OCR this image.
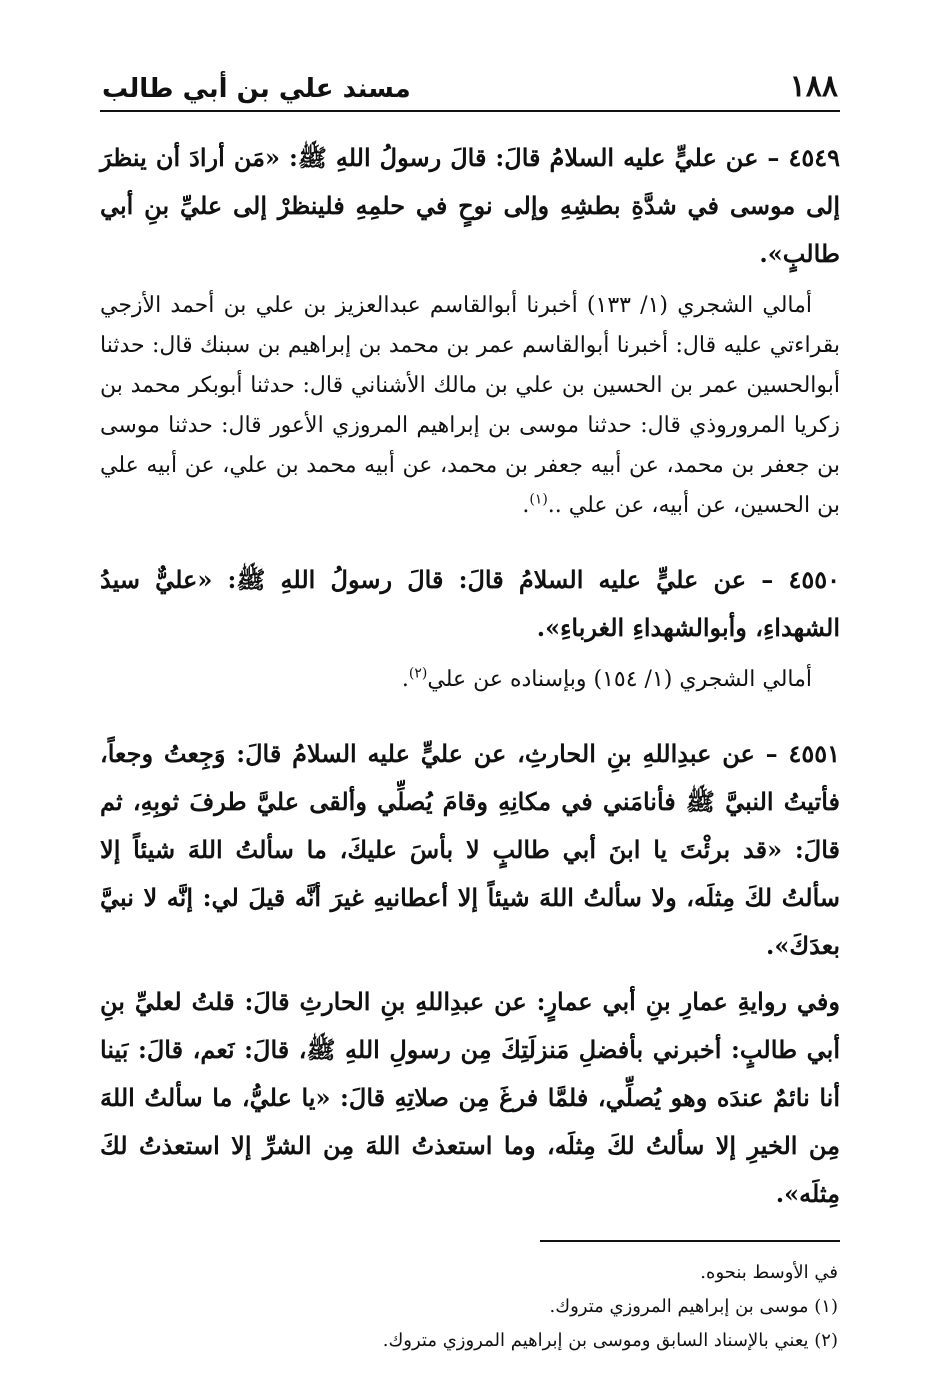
١٨٨
مسند علي بن أبي طالب

٤٥٤٩ – عن عليٍّ عليه السلامُ قالَ: قالَ رسولُ اللهِ ﷺ: «مَن أرادَ أن ينظرَ إلى موسى في شدَّةِ بطشِهِ وإلى نوحٍ في حلمِهِ فلينظرْ إلى عليِّ بنِ أبي طالبٍ».

أمالي الشجري (١/ ١٣٣) أخبرنا أبوالقاسم عبدالعزيز بن علي بن أحمد الأزجي بقراءتي عليه قال: أخبرنا أبوالقاسم عمر بن محمد بن إبراهيم بن سبنك قال: حدثنا أبوالحسين عمر بن الحسين بن علي بن مالك الأشناني قال: حدثنا أبوبكر محمد بن زكريا المروروذي قال: حدثنا موسى بن إبراهيم المروزي الأعور قال: حدثنا موسى بن جعفر بن محمد، عن أبيه جعفر بن محمد، عن أبيه محمد بن علي، عن أبيه علي بن الحسين، عن أبيه، عن علي ..$^{(١)}$.

٤٥٥٠ – عن عليٍّ عليه السلامُ قالَ: قالَ رسولُ اللهِ ﷺ: «عليٌّ سيدُ الشهداءِ، وأبوالشهداءِ الغرباءِ».

أمالي الشجري (١/ ١٥٤) وبإسناده عن علي$^{(٢)}$.

٤٥٥١ – عن عبدِاللهِ بنِ الحارثِ، عن عليٍّ عليه السلامُ قالَ: وَجِعتُ وجعاً، فأتيتُ النبيَّ ﷺ فأنامَني في مكانِهِ وقامَ يُصلِّي وألقى عليَّ طرفَ ثوبِهِ، ثم قالَ: «قد برئْتَ يا ابنَ أبي طالبٍ لا بأسَ عليكَ، ما سألتُ اللهَ شيئاً إلا سألتُ لكَ مِثلَه، ولا سألتُ اللهَ شيئاً إلا أعطانيهِ غيرَ أنَّه قيلَ لي: إنَّه لا نبيَّ بعدَكَ».

وفي روايةِ عمارِ بنِ أبي عمارٍ: عن عبدِاللهِ بنِ الحارثِ قالَ: قلتُ لعليِّ بنِ أبي طالبٍ: أخبرني بأفضلِ مَنزلَتِكَ مِن رسولِ اللهِ ﷺ، قالَ: نَعم، قالَ: بَينا أنا نائمٌ عندَه وهو يُصلِّي، فلمَّا فرغَ مِن صلاتِهِ قالَ: «يا عليُّ، ما سألتُ اللهَ مِن الخيرِ إلا سألتُ لكَ مِثلَه، وما استعذتُ اللهَ مِن الشرِّ إلا استعذتُ لكَ مِثلَه».

في الأوسط بنحوه.

(١) موسى بن إبراهيم المروزي متروك.

(٢) يعني بالإسناد السابق وموسى بن إبراهيم المروزي متروك.
